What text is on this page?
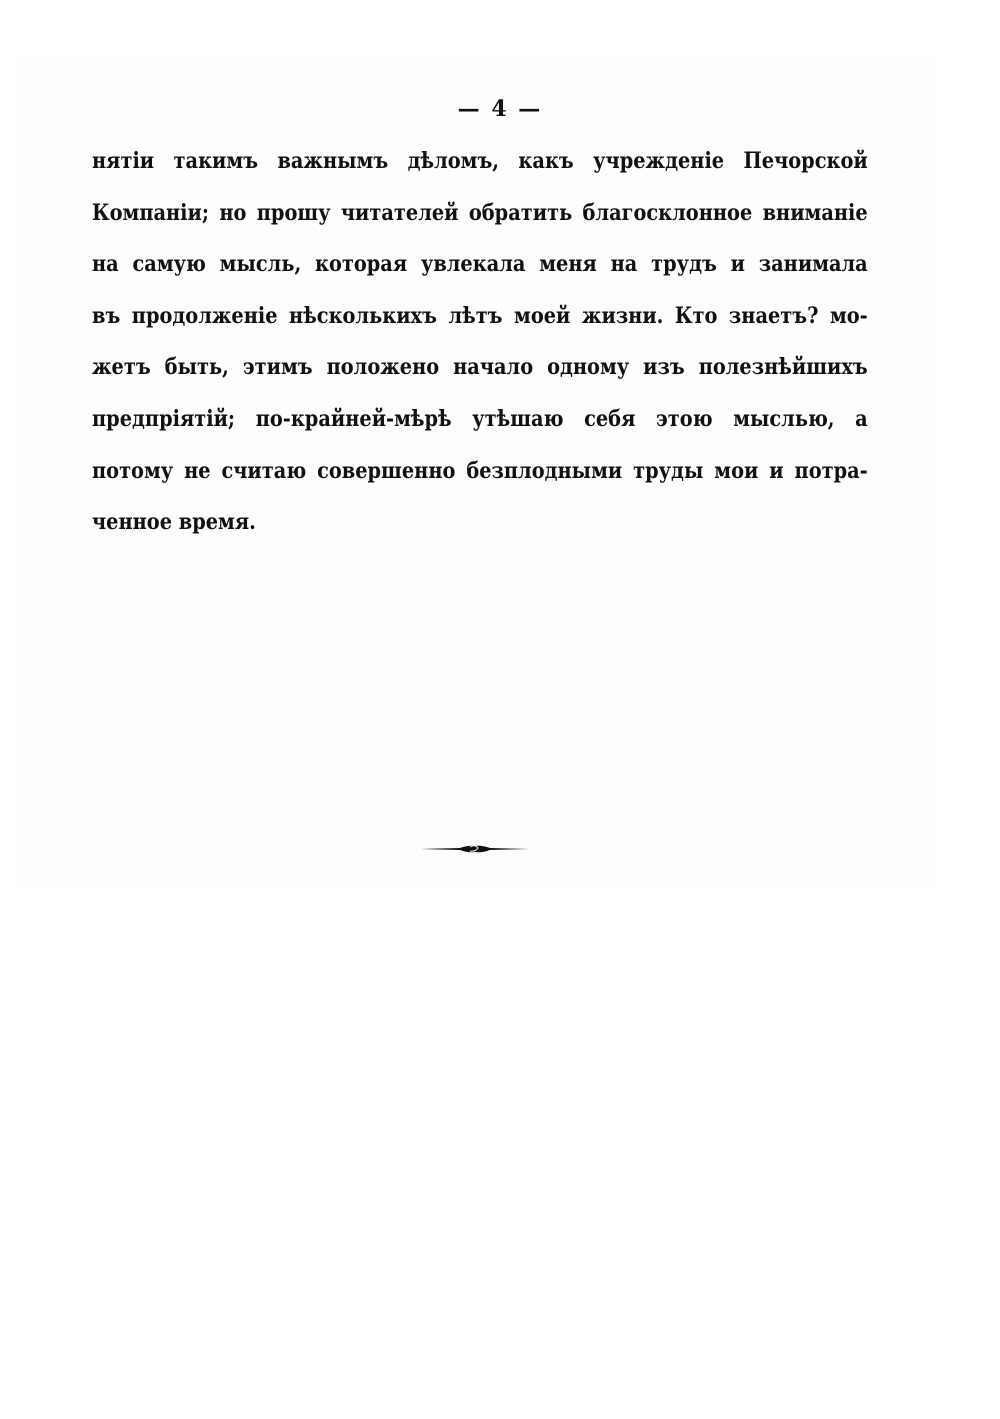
— 4 —
нятіи такимъ важнымъ дѣломъ, какъ учрежденіе Печорской
Компаніи; но прошу читателей обратить благосклонное вниманіе
на самую мысль, которая увлекала меня на трудъ и занимала
въ продолженіе нѣсколькихъ лѣтъ моей жизни. Кто знаетъ? мо-
жетъ быть, этимъ положено начало одному изъ полезнѣйшихъ
предпріятій; по-крайней-мѣрѣ утѣшаю себя этою мыслью, а
потому не считаю совершенно безплодными труды мои и потра-
ченное время.
